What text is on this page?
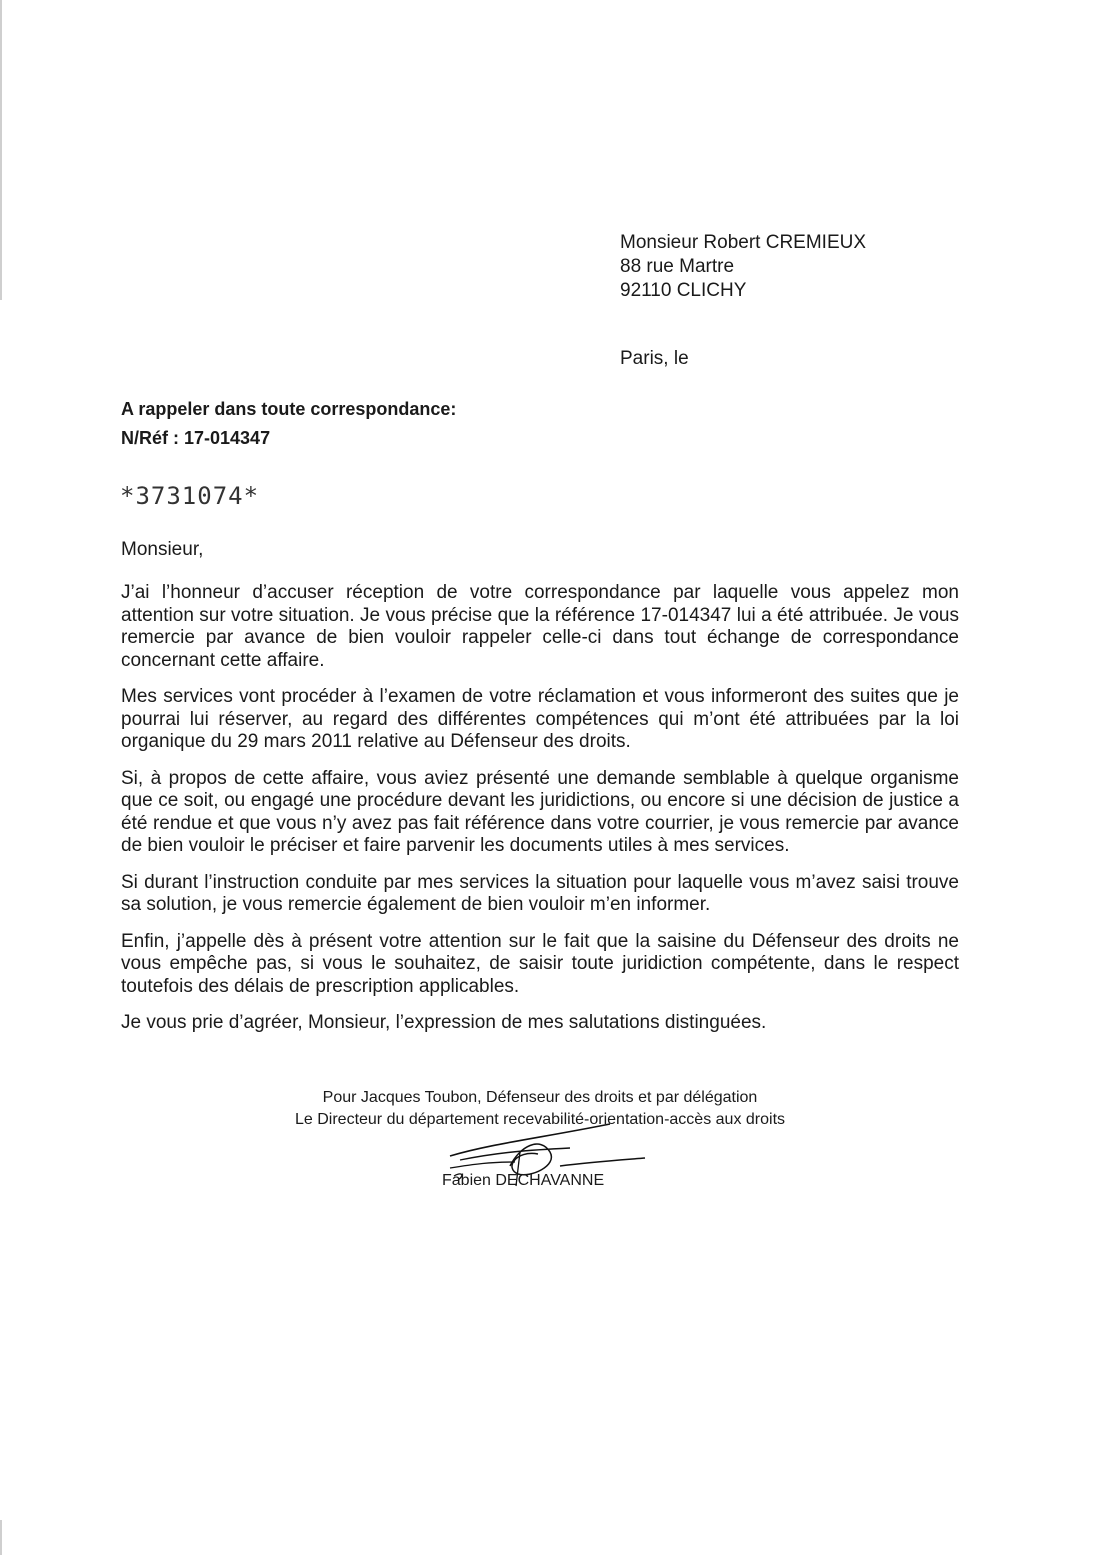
Monsieur Robert CREMIEUX
88 rue Martre
92110 CLICHY
Paris, le
A rappeler dans toute correspondance:
N/Réf : 17-014347
*3731074*
Monsieur,

J’ai l’honneur d’accuser réception de votre correspondance par laquelle vous appelez mon attention sur votre situation. Je vous précise que la référence 17-014347 lui a été attribuée. Je vous remercie par avance de bien vouloir rappeler celle-ci dans tout échange de correspondance concernant cette affaire.

Mes services vont procéder à l’examen de votre réclamation et vous informeront des suites que je pourrai lui réserver, au regard des différentes compétences qui m’ont été attribuées par la loi organique du 29 mars 2011 relative au Défenseur des droits.

Si, à propos de cette affaire, vous aviez présenté une demande semblable à quelque organisme que ce soit, ou engagé une procédure devant les juridictions, ou encore si une décision de justice a été rendue et que vous n’y avez pas fait référence dans votre courrier, je vous remercie par avance de bien vouloir le préciser et faire parvenir les documents utiles à mes services.

Si durant l’instruction conduite par mes services la situation pour laquelle vous m’avez saisi trouve sa solution, je vous remercie également de bien vouloir m’en informer.

Enfin, j’appelle dès à présent votre attention sur le fait que la saisine du Défenseur des droits ne vous empêche pas, si vous le souhaitez, de saisir toute juridiction compétente, dans le respect toutefois des délais de prescription applicables.

Je vous prie d’agréer, Monsieur, l’expression de mes salutations distinguées.

Pour Jacques Toubon, Défenseur des droits et par délégation
Le Directeur du département recevabilité-orientation-accès aux droits
Fabien DECHAVANNE
